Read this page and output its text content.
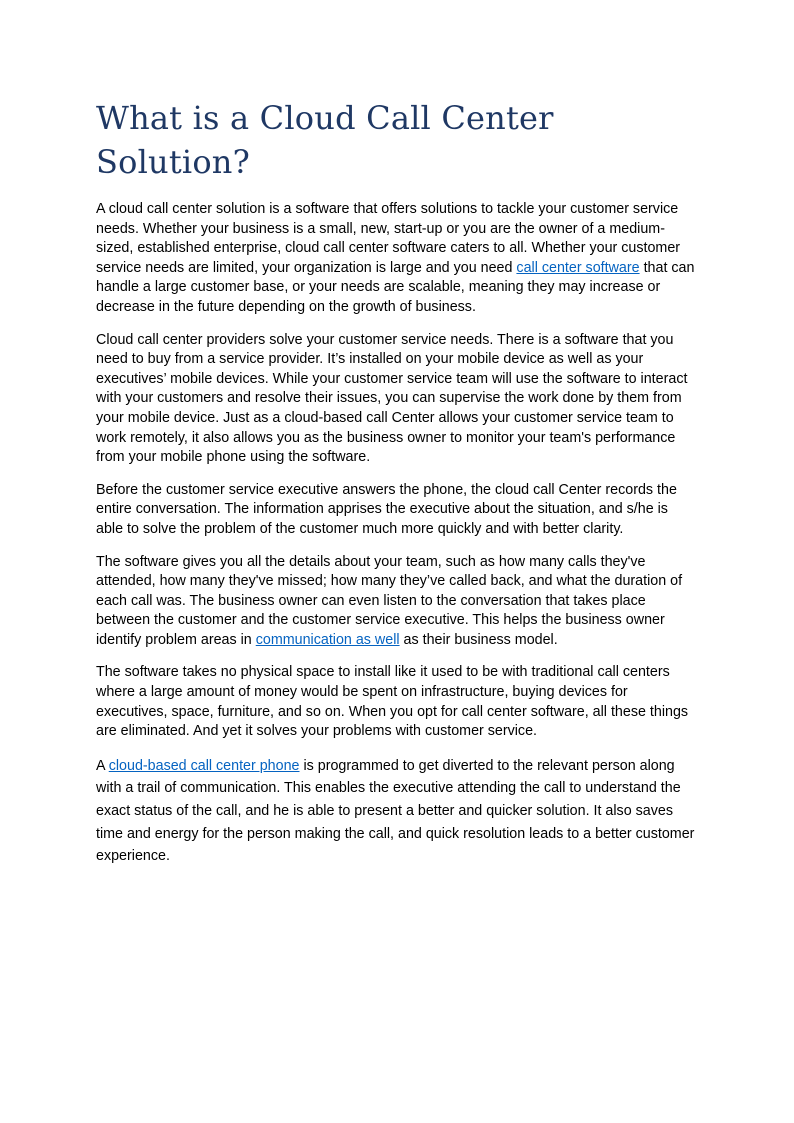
What is a Cloud Call Center Solution?

A cloud call center solution is a software that offers solutions to tackle your customer service needs. Whether your business is a small, new, start-up or you are the owner of a medium-sized, established enterprise, cloud call center software caters to all. Whether your customer service needs are limited, your organization is large and you need call center software that can handle a large customer base, or your needs are scalable, meaning they may increase or decrease in the future depending on the growth of business.

Cloud call center providers solve your customer service needs. There is a software that you need to buy from a service provider. It’s installed on your mobile device as well as your executives’ mobile devices. While your customer service team will use the software to interact with your customers and resolve their issues, you can supervise the work done by them from your mobile device. Just as a cloud-based call Center allows your customer service team to work remotely, it also allows you as the business owner to monitor your team's performance from your mobile phone using the software.

Before the customer service executive answers the phone, the cloud call Center records the entire conversation. The information apprises the executive about the situation, and s/he is able to solve the problem of the customer much more quickly and with better clarity.

The software gives you all the details about your team, such as how many calls they've attended, how many they've missed; how many they’ve called back, and what the duration of each call was. The business owner can even listen to the conversation that takes place between the customer and the customer service executive. This helps the business owner identify problem areas in communication as well as their business model.

The software takes no physical space to install like it used to be with traditional call centers where a large amount of money would be spent on infrastructure, buying devices for executives, space, furniture, and so on. When you opt for call center software, all these things are eliminated. And yet it solves your problems with customer service.

A cloud-based call center phone is programmed to get diverted to the relevant person along with a trail of communication. This enables the executive attending the call to understand the exact status of the call, and he is able to present a better and quicker solution. It also saves time and energy for the person making the call, and quick resolution leads to a better customer experience.
